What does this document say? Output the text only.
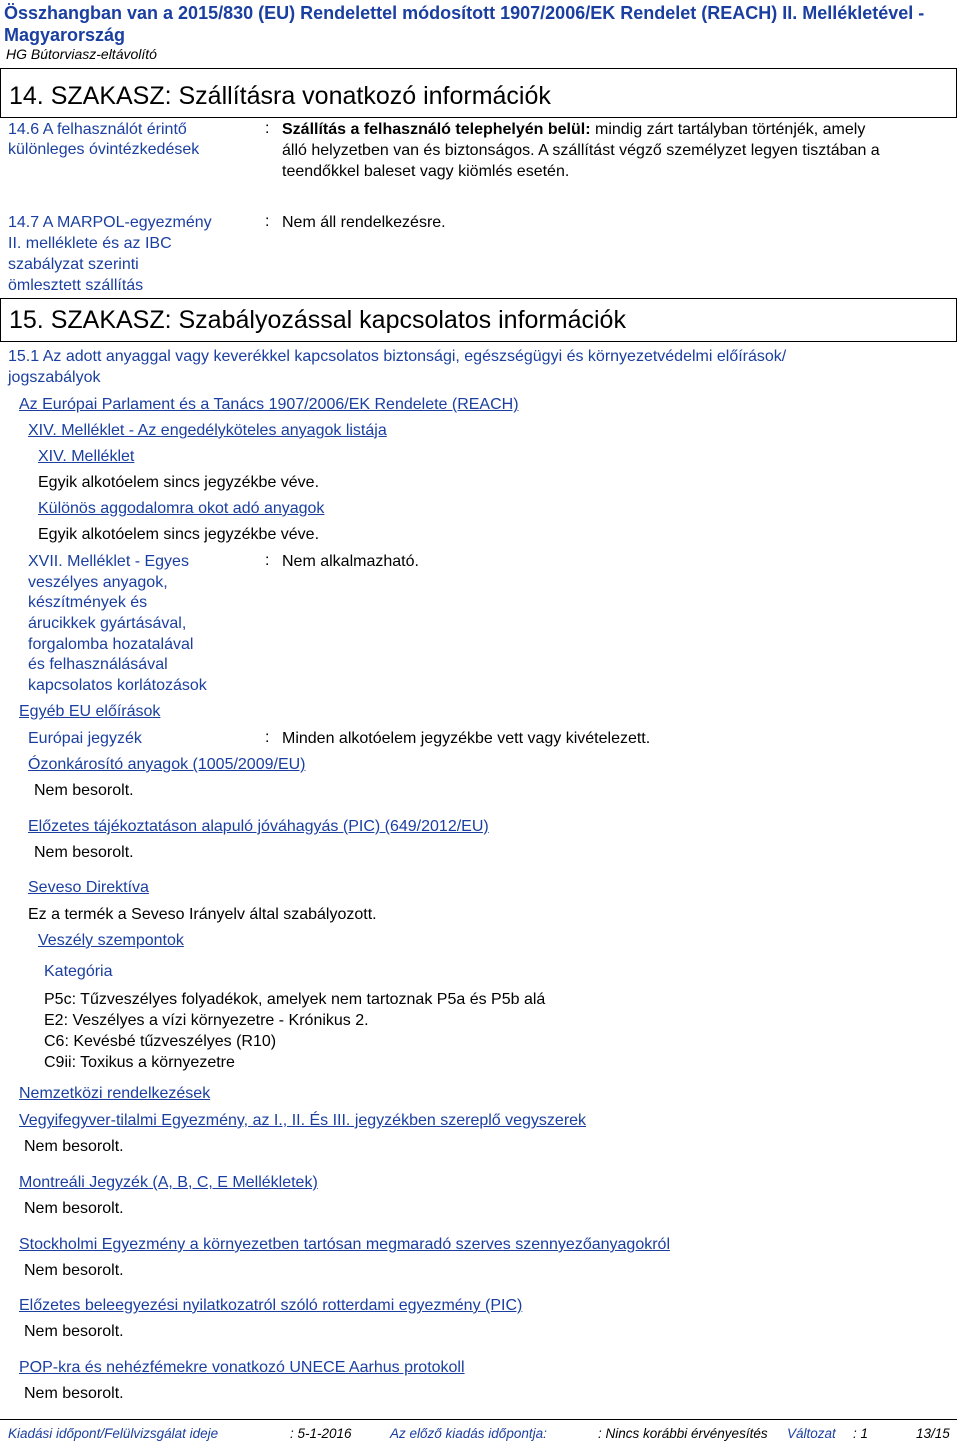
Összhangban van a 2015/830 (EU) Rendelettel módosított 1907/2006/EK Rendelet (REACH) II. Mellékletével -
Magyarország
HG Bútorviasz-eltávolító
14. SZAKASZ: Szállításra vonatkozó információk
14.6 A felhasználót érintő
különleges óvintézkedések
: Szállítás a felhasználó telephelyén belül: mindig zárt tartályban történjék, amely
álló helyzetben van és biztonságos. A szállítást végző személyzet legyen tisztában a
teendőkkel baleset vagy kiömlés esetén.
14.7 A MARPOL-egyezmény
II. melléklete és az IBC
szabályzat szerinti
ömlesztett szállítás
: Nem áll rendelkezésre.
15. SZAKASZ: Szabályozással kapcsolatos információk
15.1 Az adott anyaggal vagy keverékkel kapcsolatos biztonsági, egészségügyi és környezetvédelmi előírások/
jogszabályok
Az Európai Parlament és a Tanács 1907/2006/EK Rendelete (REACH)
XIV. Melléklet - Az engedélyköteles anyagok listája
XIV. Melléklet
Egyik alkotóelem sincs jegyzékbe véve.
Különös aggodalomra okot adó anyagok
Egyik alkotóelem sincs jegyzékbe véve.
XVII. Melléklet - Egyes
veszélyes anyagok,
készítmények és
árucikkek gyártásával,
forgalomba hozatalával
és felhasználásával
kapcsolatos korlátozások
: Nem alkalmazható.
Egyéb EU előírások
Európai jegyzék	: Minden alkotóelem jegyzékbe vett vagy kivételezett.
Ózonkárosító anyagok (1005/2009/EU)
Nem besorolt.
Előzetes tájékoztatáson alapuló jóváhagyás (PIC) (649/2012/EU)
Nem besorolt.
Seveso Direktíva
Ez a termék a Seveso Irányelv által szabályozott.
Veszély szempontok
Kategória
P5c: Tűzveszélyes folyadékok, amelyek nem tartoznak P5a és P5b alá
E2: Veszélyes a vízi környezetre - Krónikus 2.
C6: Kevésbé tűzveszélyes (R10)
C9ii: Toxikus a környezetre
Nemzetközi rendelkezések
Vegyifegyver-tilalmi Egyezmény, az I., II. És III. jegyzékben szereplő vegyszerek
Nem besorolt.
Montreáli Jegyzék (A, B, C, E Mellékletek)
Nem besorolt.
Stockholmi Egyezmény a környezetben tartósan megmaradó szerves szennyezőanyagokról
Nem besorolt.
Előzetes beleegyezési nyilatkozatról szóló rotterdami egyezmény (PIC)
Nem besorolt.
POP-kra és nehézfémekre vonatkozó UNECE Aarhus protokoll
Nem besorolt.
Kiadási időpont/Felülvizsgálat ideje	: 5-1-2016	Az előző kiadás időpontja:	: Nincs korábbi érvényesítés Változat : 1	13/15
